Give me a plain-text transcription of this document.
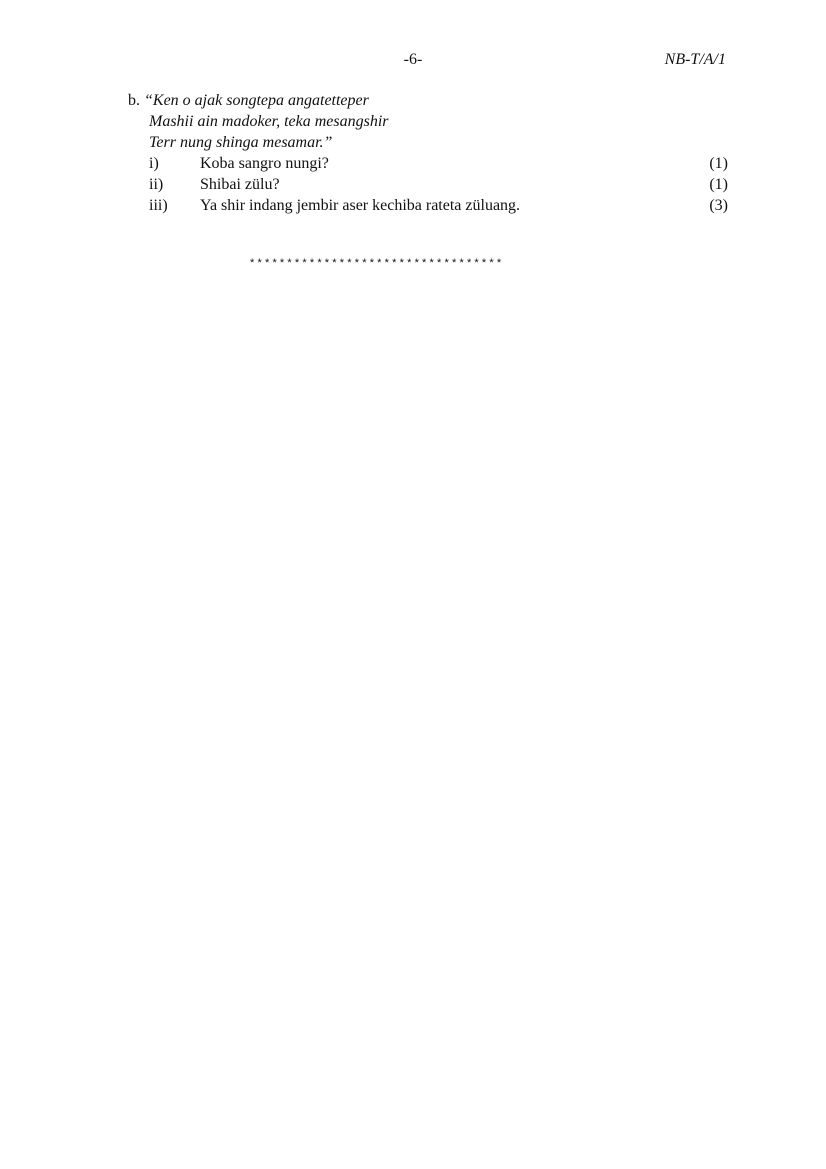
-6-	NB-T/A/1
b. “Ken o ajak songtepa angatetteper
Mashii ain madoker, teka mesangshir
Terr nung shinga mesamar.”
i)	Koba sangro nungi?	(1)
ii) Shibai zülu?	(1)
iii) Ya shir indang jembir aser kechiba rateta züluang.	(3)
**********************************
